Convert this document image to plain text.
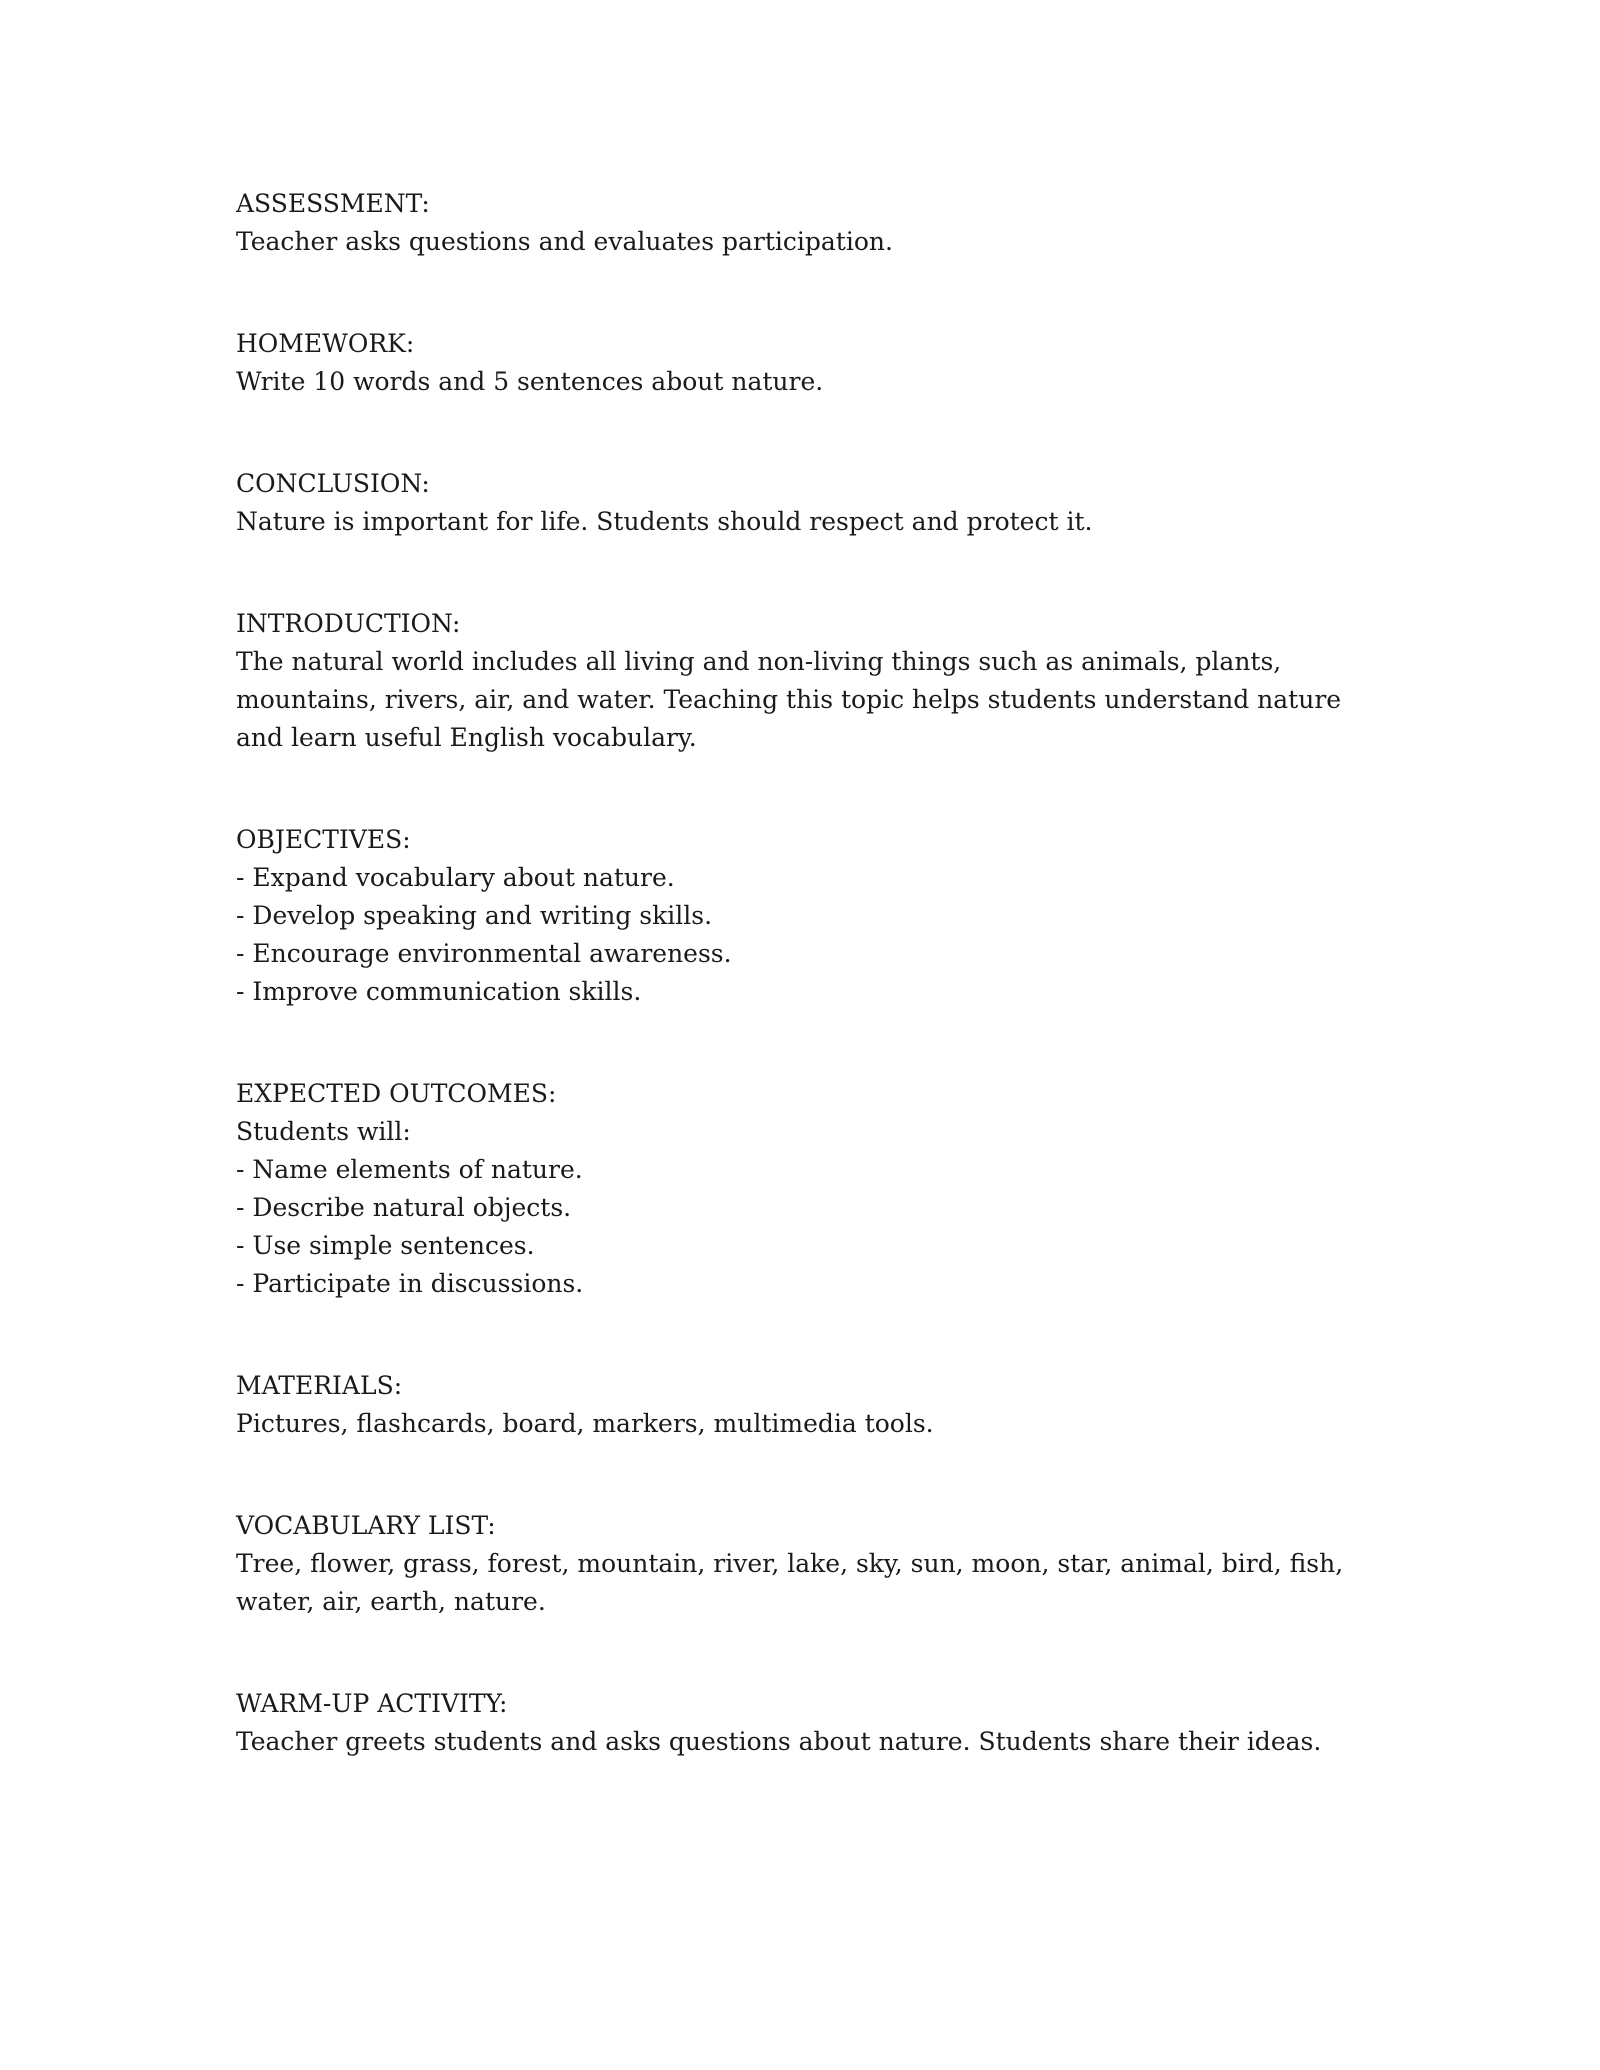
ASSESSMENT:

Teacher asks questions and evaluates participation.

HOMEWORK:

Write 10 words and 5 sentences about nature.

CONCLUSION:

Nature is important for life. Students should respect and protect it.

INTRODUCTION:

The natural world includes all living and non-living things such as animals, plants, mountains, rivers, air, and water. Teaching this topic helps students understand nature and learn useful English vocabulary.

OBJECTIVES:

- Expand vocabulary about nature.

- Develop speaking and writing skills.

- Encourage environmental awareness.

- Improve communication skills.

EXPECTED OUTCOMES:

Students will:

- Name elements of nature.

- Describe natural objects.

- Use simple sentences.

- Participate in discussions.

MATERIALS:

Pictures, flashcards, board, markers, multimedia tools.

VOCABULARY LIST:

Tree, flower, grass, forest, mountain, river, lake, sky, sun, moon, star, animal, bird, fish, water, air, earth, nature.

WARM-UP ACTIVITY:

Teacher greets students and asks questions about nature. Students share their ideas.
